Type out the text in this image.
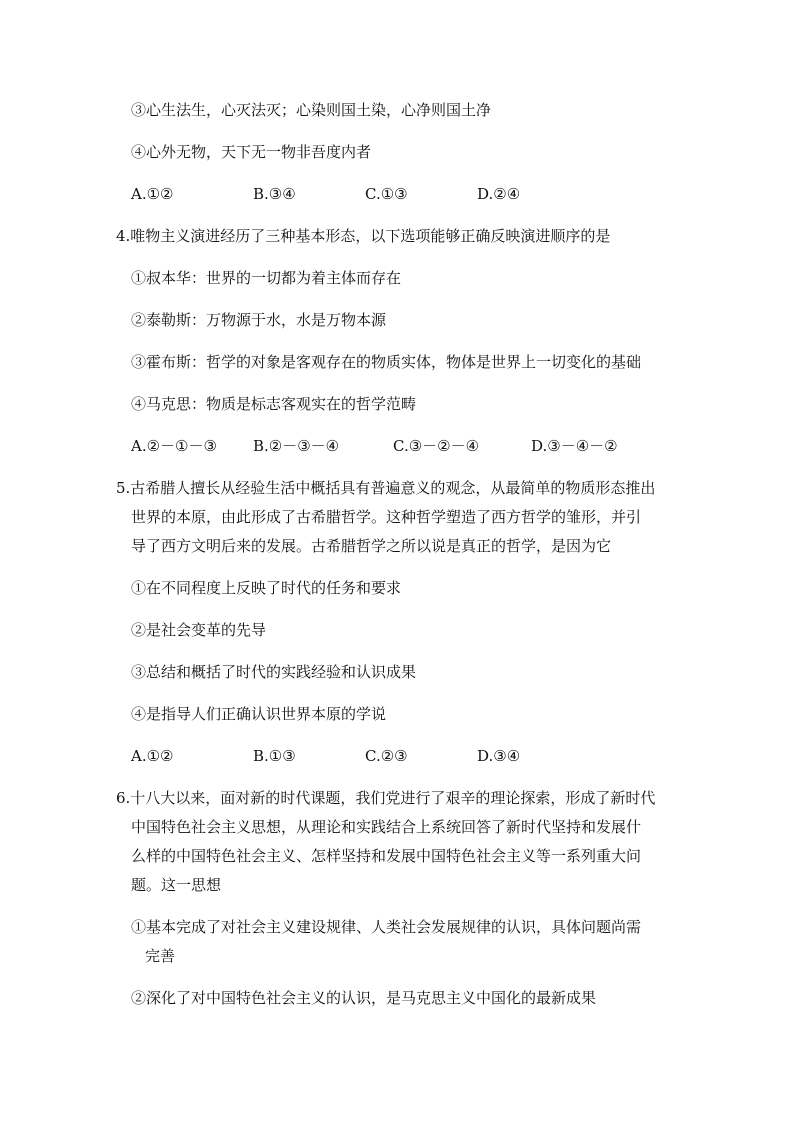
③心生法生，心灭法灭；心染则国土染，心净则国土净
④心外无物，天下无一物非吾度内者
A.①②	B.③④	C.①③	D.②④
4.唯物主义演进经历了三种基本形态，以下选项能够正确反映演进顺序的是
①叔本华：世界的一切都为着主体而存在
②泰勒斯：万物源于水，水是万物本源
③霍布斯：哲学的对象是客观存在的物质实体，物体是世界上一切变化的基础
④马克思：物质是标志客观实在的哲学范畴
A.②－①－③ B.②－③－④	C.③－②－④	D.③－④－②
5.古希腊人擅长从经验生活中概括具有普遍意义的观念，从最简单的物质形态推出
世界的本原，由此形成了古希腊哲学。这种哲学塑造了西方哲学的雏形，并引
导了西方文明后来的发展。古希腊哲学之所以说是真正的哲学，是因为它
①在不同程度上反映了时代的任务和要求
②是社会变革的先导
③总结和概括了时代的实践经验和认识成果
④是指导人们正确认识世界本原的学说
A.①②	B.①③	C.②③	D.③④
6.十八大以来，面对新的时代课题，我们党进行了艰辛的理论探索，形成了新时代
中国特色社会主义思想，从理论和实践结合上系统回答了新时代坚持和发展什
么样的中国特色社会主义、怎样坚持和发展中国特色社会主义等一系列重大问
题。这一思想
①基本完成了对社会主义建设规律、人类社会发展规律的认识，具体问题尚需
完善
②深化了对中国特色社会主义的认识，是马克思主义中国化的最新成果
